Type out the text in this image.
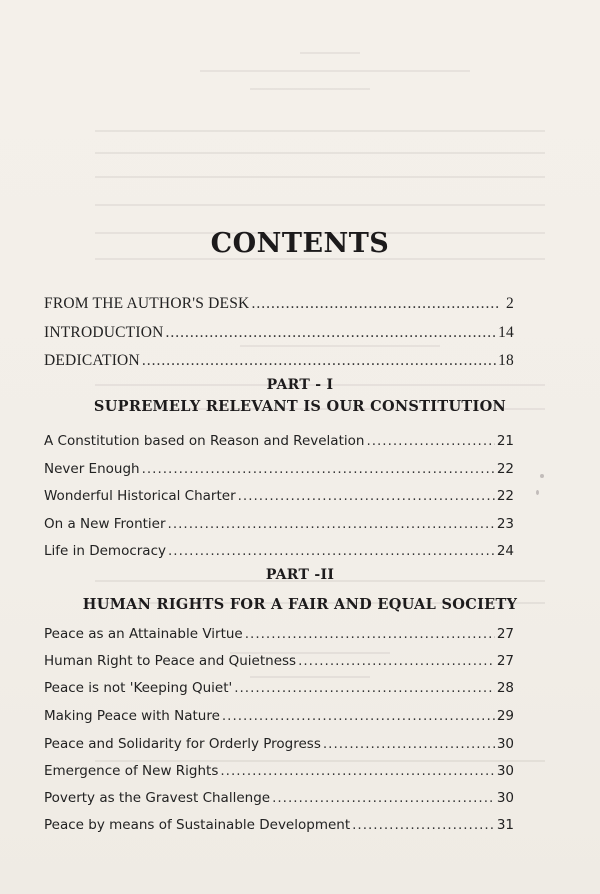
CONTENTS
FROM THE AUTHOR'S DESK .....	2
INTRODUCTION .....	14
DEDICATION .....	18
PART - I
SUPREMELY RELEVANT IS OUR CONSTITUTION
A Constitution based on Reason and Revelation .....	21
Never Enough .....	22
Wonderful Historical Charter .....	22
On a New Frontier .....	23
Life in Democracy .....	24
PART -II
HUMAN RIGHTS FOR A FAIR AND EQUAL SOCIETY
Peace as an Attainable Virtue .....	27
Human Right to Peace and Quietness .....	27
Peace is not 'Keeping Quiet' .....	28
Making Peace with Nature .....	29
Peace and Solidarity for Orderly Progress .....	30
Emergence of New Rights .....	30
Poverty as the Gravest Challenge .....	30
Peace by means of Sustainable Development .....	31
